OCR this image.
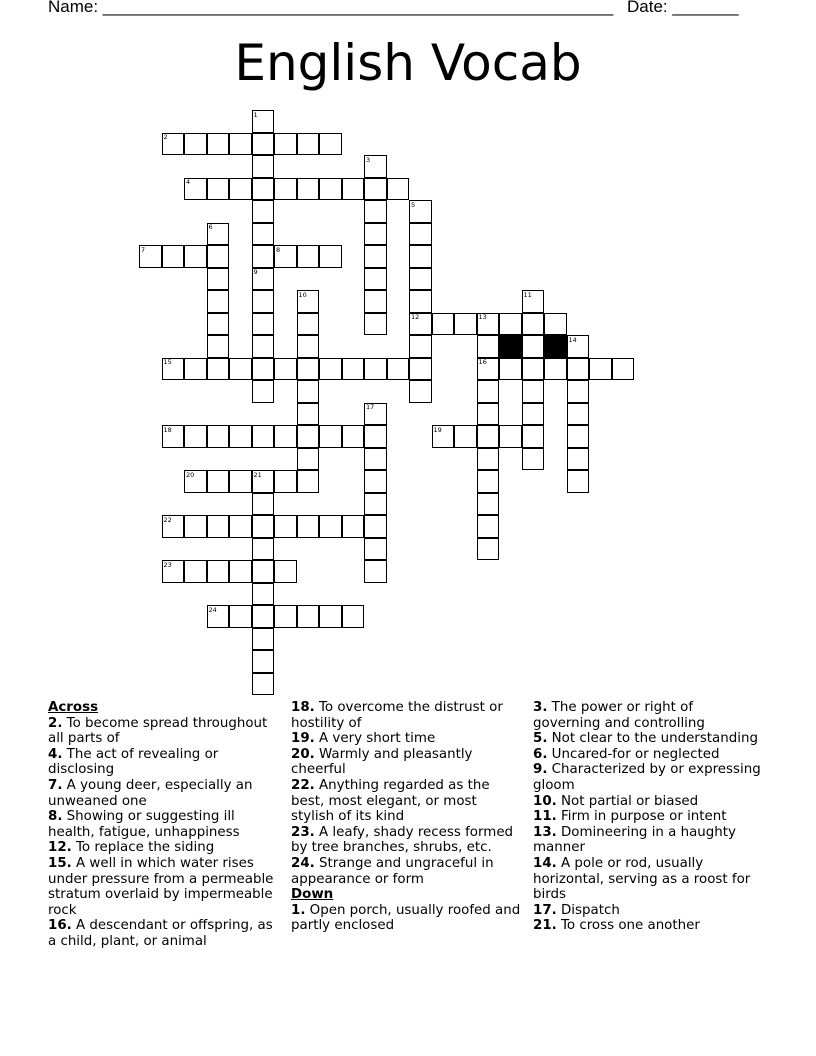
Name: ______________________________________________________ Date: _______
English Vocab
1
2
3
4
5
6
7	8
9
10	11
12	13
14
15	16
17
18	19
20	21
22
23
24
Across
2. To become spread throughout all parts of
4. The act of revealing or disclosing
7. A young deer, especially an unweaned one
8. Showing or suggesting ill health, fatigue, unhappiness
12. To replace the siding
15. A well in which water rises under pressure from a permeable stratum overlaid by impermeable rock
16. A descendant or offspring, as a child, plant, or animal
18. To overcome the distrust or hostility of
19. A very short time
20. Warmly and pleasantly cheerful
22. Anything regarded as the best, most elegant, or most stylish of its kind
23. A leafy, shady recess formed by tree branches, shrubs, etc.
24. Strange and ungraceful in appearance or form
Down
1. Open porch, usually roofed and partly enclosed
3. The power or right of governing and controlling
5. Not clear to the understanding
6. Uncared-for or neglected
9. Characterized by or expressing gloom
10. Not partial or biased
11. Firm in purpose or intent
13. Domineering in a haughty manner
14. A pole or rod, usually horizontal, serving as a roost for birds
17. Dispatch
21. To cross one another
